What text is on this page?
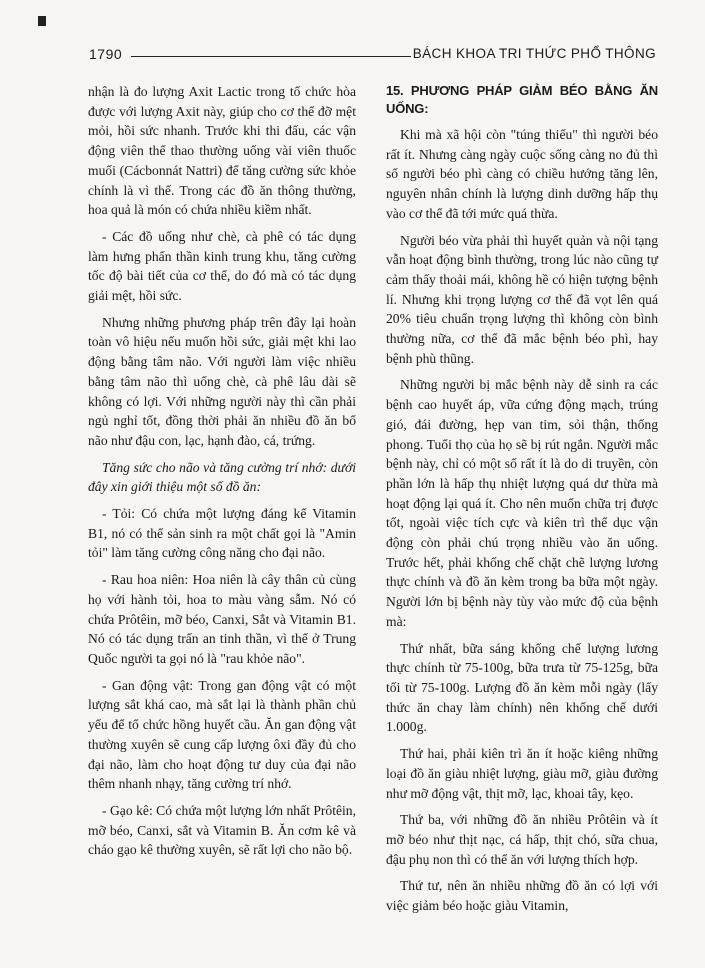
1790	BÁCH KHOA TRI THỨC PHỔ THÔNG

nhận là đo lượng Axit Lactic trong tổ chức hòa được với lượng Axit này, giúp cho cơ thể đỡ mệt mỏi, hồi sức nhanh. Trước khi thi đấu, các vận động viên thể thao thường uống vài viên thuốc muối (Cácbonnát Nattri) để tăng cường sức khỏe chính là vì thế. Trong các đồ ăn thông thường, hoa quả là món có chứa nhiều kiềm nhất.

- Các đồ uống như chè, cà phê có tác dụng làm hưng phấn thần kinh trung khu, tăng cường tốc độ bài tiết của cơ thể, do đó mà có tác dụng giải mệt, hồi sức.

Nhưng những phương pháp trên đây lại hoàn toàn vô hiệu nếu muốn hồi sức, giải mệt khi lao động bằng tâm não. Với người làm việc nhiều bằng tâm não thì uống chè, cà phê lâu dài sẽ không có lợi. Với những người này thì cần phải ngủ nghỉ tốt, đồng thời phải ăn nhiều đồ ăn bổ não như đậu con, lạc, hạnh đào, cá, trứng.

Tăng sức cho não và tăng cường trí nhớ: dưới đây xin giới thiệu một số đồ ăn:

- Tỏi: Có chứa một lượng đáng kể Vitamin B1, nó có thể sản sinh ra một chất gọi là "Amin tỏi" làm tăng cường công năng cho đại não.

- Rau hoa niên: Hoa niên là cây thân củ cùng họ với hành tỏi, hoa to màu vàng sẫm. Nó có chứa Prôtêin, mỡ béo, Canxi, Sắt và Vitamin B1. Nó có tác dụng trấn an tinh thần, vì thế ở Trung Quốc người ta gọi nó là "rau khỏe não".

- Gan động vật: Trong gan động vật có một lượng sắt khá cao, mà sắt lại là thành phần chủ yếu để tổ chức hồng huyết cầu. Ăn gan động vật thường xuyên sẽ cung cấp lượng ôxi đầy đủ cho đại não, làm cho hoạt động tư duy của đại não thêm nhanh nhạy, tăng cường trí nhớ.

- Gạo kê: Có chứa một lượng lớn nhất Prôtêin, mỡ béo, Canxi, sắt và Vitamin B. Ăn cơm kê và cháo gạo kê thường xuyên, sẽ rất lợi cho não bộ.

15. PHƯƠNG PHÁP GIẢM BÉO BẰNG ĂN UỐNG:

Khi mà xã hội còn "túng thiếu" thì người béo rất ít. Nhưng càng ngày cuộc sống càng no đủ thì số người béo phì càng có chiều hướng tăng lên, nguyên nhân chính là lượng dinh dưỡng hấp thụ vào cơ thể đã tới mức quá thừa.

Người béo vừa phải thì huyết quản và nội tạng vẫn hoạt động bình thường, trong lúc nào cũng tự cảm thấy thoải mái, không hề có hiện tượng bệnh lí. Nhưng khi trọng lượng cơ thể đã vọt lên quá 20% tiêu chuẩn trọng lượng thì không còn bình thường nữa, cơ thể đã mắc bệnh béo phì, hay bệnh phù thũng.

Những người bị mắc bệnh này dễ sinh ra các bệnh cao huyết áp, vữa cứng động mạch, trúng gió, đái đường, hẹp van tim, sỏi thận, thống phong. Tuổi thọ của họ sẽ bị rút ngắn. Người mắc bệnh này, chỉ có một số rất ít là do di truyền, còn phần lớn là hấp thụ nhiệt lượng quá dư thừa mà hoạt động lại quá ít. Cho nên muốn chữa trị được tốt, ngoài việc tích cực và kiên trì thể dục vận động còn phải chú trọng nhiều vào ăn uống. Trước hết, phải khống chế chặt chẽ lượng lương thực chính và đồ ăn kèm trong ba bữa một ngày. Người lớn bị bệnh này tùy vào mức độ của bệnh mà:

Thứ nhất, bữa sáng khống chế lượng lương thực chính từ 75-100g, bữa trưa từ 75-125g, bữa tối từ 75-100g. Lượng đồ ăn kèm mỗi ngày (lấy thức ăn chay làm chính) nên khống chế dưới 1.000g.

Thứ hai, phải kiên trì ăn ít hoặc kiêng những loại đồ ăn giàu nhiệt lượng, giàu mỡ, giàu đường như mỡ động vật, thịt mỡ, lạc, khoai tây, kẹo.

Thứ ba, với những đồ ăn nhiều Prôtêin và ít mỡ béo như thịt nạc, cá hấp, thịt chó, sữa chua, đậu phụ non thì có thể ăn với lượng thích hợp.

Thứ tư, nên ăn nhiều những đồ ăn có lợi với việc giảm béo hoặc giàu Vitamin,
